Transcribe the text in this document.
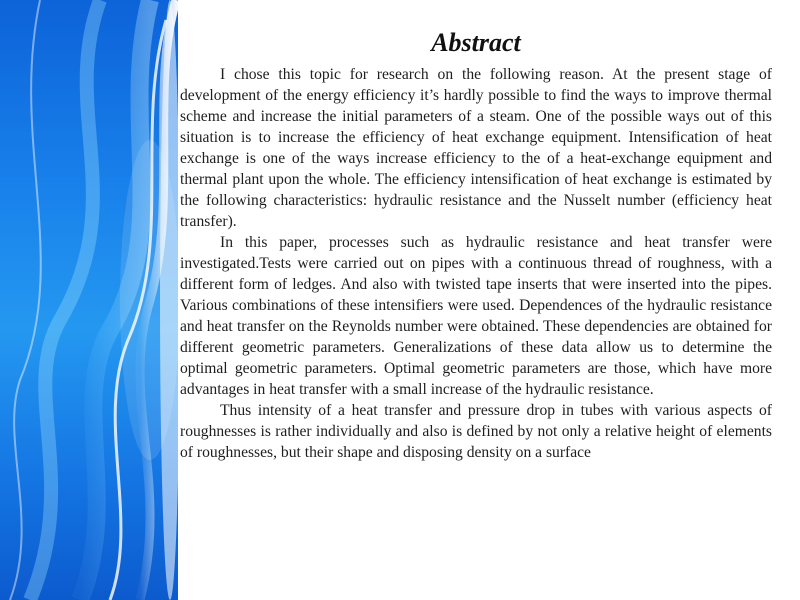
Abstract

I chose this topic for research on the following reason. At the present stage of development of the energy efficiency it’s hardly possible to find the ways to improve thermal scheme and increase the initial parameters of a steam. One of the possible ways out of this situation is to increase the efficiency of heat exchange equipment. Intensification of heat exchange is one of the ways increase efficiency to the of a heat-exchange equipment and thermal plant upon the whole. The efficiency intensification of heat exchange is estimated by the following characteristics: hydraulic resistance and the Nusselt number (efficiency heat transfer).

In this paper, processes such as hydraulic resistance and heat transfer were investigated.Tests were carried out on pipes with a continuous thread of roughness, with a different form of ledges. And also with twisted tape inserts that were inserted into the pipes. Various combinations of these intensifiers were used. Dependences of the hydraulic resistance and heat transfer on the Reynolds number were obtained. These dependencies are obtained for different geometric parameters. Generalizations of these data allow us to determine the optimal geometric parameters. Optimal geometric parameters are those, which have more advantages in heat transfer with a small increase of the hydraulic resistance.

Thus intensity of a heat transfer and pressure drop in tubes with various aspects of roughnesses is rather individually and also is defined by not only a relative height of elements of roughnesses, but their shape and disposing density on a surface
